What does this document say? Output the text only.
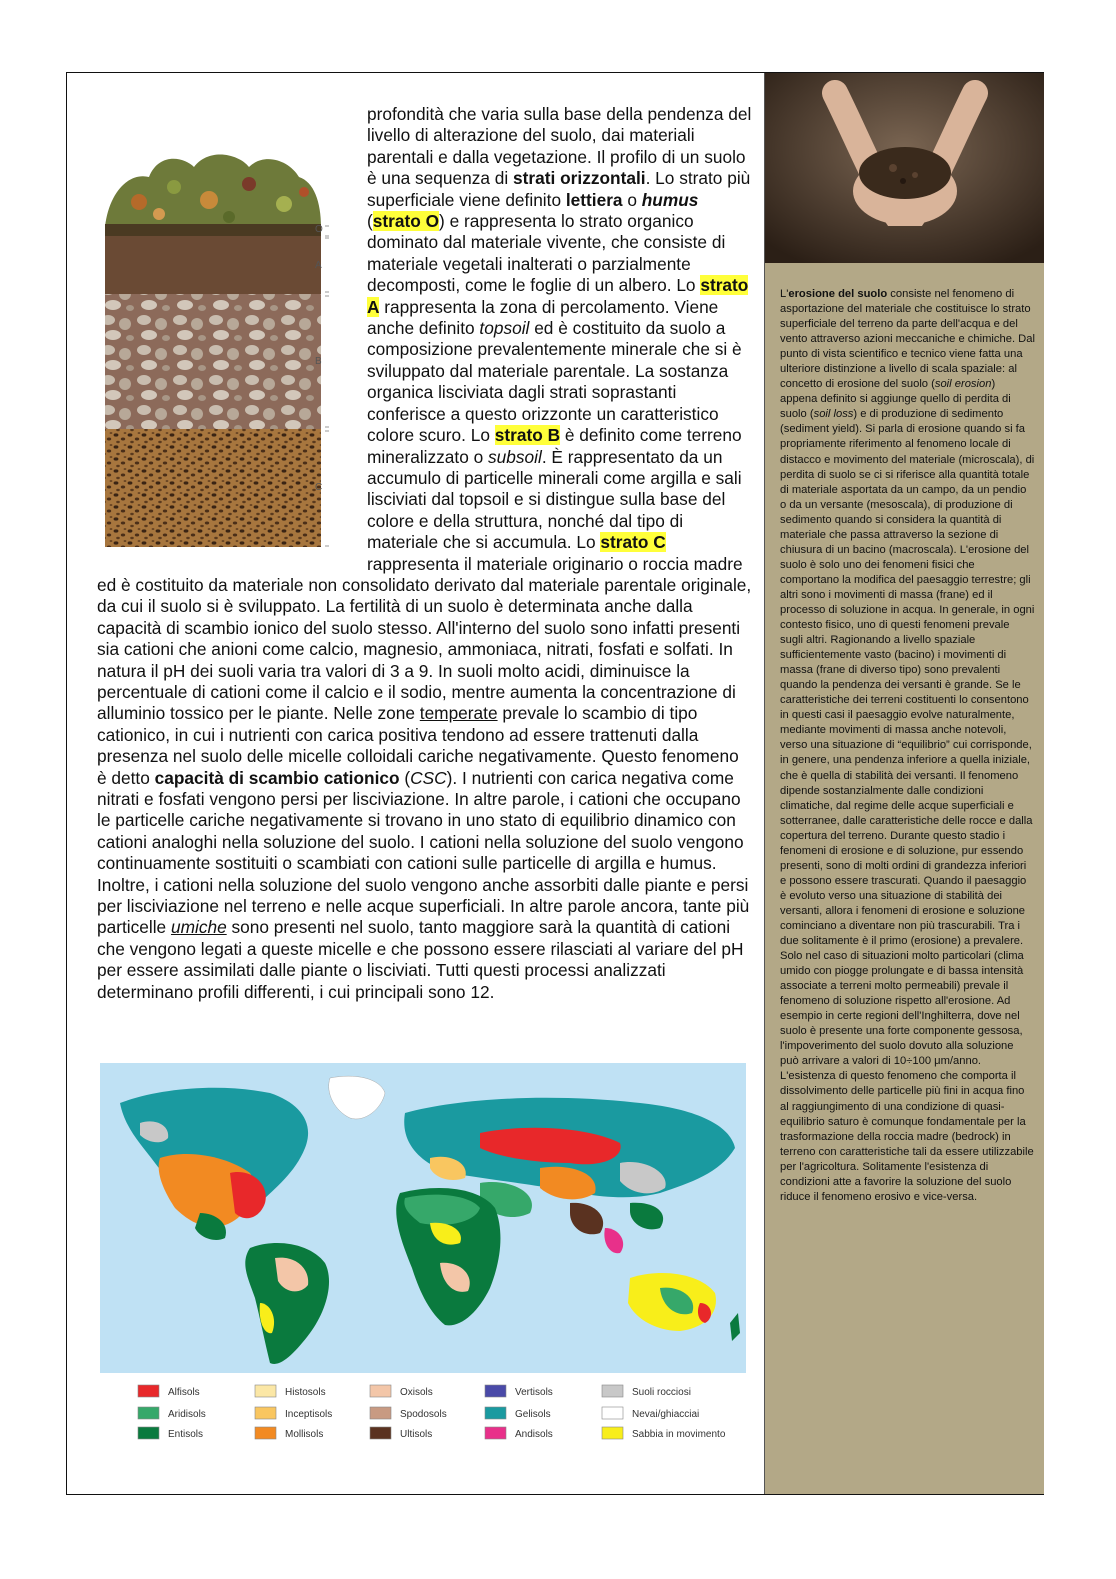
O
A
B
C
profondità che varia sulla base della pendenza del livello di alterazione del suolo, dai materiali parentali e dalla vegetazione. Il profilo di un suolo è una sequenza di strati orizzontali. Lo strato più superficiale viene definito lettiera o humus (strato O) e rappresenta lo strato organico dominato dal materiale vivente, che consiste di materiale vegetali inalterati o parzialmente decomposti, come le foglie di un albero. Lo strato A rappresenta la zona di percolamento. Viene anche definito topsoil ed è costituito da suolo a composizione prevalentemente minerale che si è sviluppato dal materiale parentale. La sostanza organica lisciviata dagli strati soprastanti conferisce a questo orizzonte un caratteristico colore scuro. Lo strato B è definito come terreno mineralizzato o subsoil. È rappresentato da un accumulo di particelle minerali come argilla e sali lisciviati dal topsoil e si distingue sulla base del colore e della struttura, nonché dal tipo di materiale che si accumula. Lo strato C rappresenta il materiale originario o roccia madre ed è costituito da materiale non consolidato derivato dal materiale parentale originale, da cui il suolo si è sviluppato. La fertilità di un suolo è determinata anche dalla capacità di scambio ionico del suolo stesso. All'interno del suolo sono infatti presenti sia cationi che anioni come calcio, magnesio, ammoniaca, nitrati, fosfati e solfati. In natura il pH dei suoli varia tra valori di 3 a 9. In suoli molto acidi, diminuisce la percentuale di cationi come il calcio e il sodio, mentre aumenta la concentrazione di alluminio tossico per le piante. Nelle zone temperate prevale lo scambio di tipo cationico, in cui i nutrienti con carica positiva tendono ad essere trattenuti dalla presenza nel suolo delle micelle colloidali cariche negativamente. Questo fenomeno è detto capacità di scambio cationico (CSC). I nutrienti con carica negativa come nitrati e fosfati vengono persi per lisciviazione. In altre parole, i cationi che occupano le particelle cariche negativamente si trovano in uno stato di equilibrio dinamico con cationi analoghi nella soluzione del suolo. I cationi nella soluzione del suolo vengono continuamente sostituiti o scambiati con cationi sulle particelle di argilla e humus. Inoltre, i cationi nella soluzione del suolo vengono anche assorbiti dalle piante e persi per lisciviazione nel terreno e nelle acque superficiali. In altre parole ancora, tante più particelle umiche sono presenti nel suolo, tanto maggiore sarà la quantità di cationi che vengono legati a queste micelle e che possono essere rilasciati al variare del pH per essere assimilati dalle piante o lisciviati. Tutti questi processi analizzati determinano profili differenti, i cui principali sono 12.

Alfisols	Histosols	Oxisols	Vertisols	Suoli rocciosi
Aridisols	Inceptisols	Spodosols	Gelisols	Nevai/ghiacciai
Entisols	Mollisols	Ultisols	Andisols	Sabbia in movimento
L'erosione del suolo consiste nel fenomeno di asportazione del materiale che costituisce lo strato superficiale del terreno da parte dell'acqua e del vento attraverso azioni meccaniche e chimiche. Dal punto di vista scientifico e tecnico viene fatta una ulteriore distinzione a livello di scala spaziale: al concetto di erosione del suolo (soil erosion) appena definito si aggiunge quello di perdita di suolo (soil loss) e di produzione di sedimento (sediment yield). Si parla di erosione quando si fa propriamente riferimento al fenomeno locale di distacco e movimento del materiale (microscala), di perdita di suolo se ci si riferisce alla quantità totale di materiale asportata da un campo, da un pendio o da un versante (mesoscala), di produzione di sedimento quando si considera la quantità di materiale che passa attraverso la sezione di chiusura di un bacino (macroscala). L'erosione del suolo è solo uno dei fenomeni fisici che comportano la modifica del paesaggio terrestre; gli altri sono i movimenti di massa (frane) ed il processo di soluzione in acqua. In generale, in ogni contesto fisico, uno di questi fenomeni prevale sugli altri. Ragionando a livello spaziale sufficientemente vasto (bacino) i movimenti di massa (frane di diverso tipo) sono prevalenti quando la pendenza dei versanti è grande. Se le caratteristiche dei terreni costituenti lo consentono in questi casi il paesaggio evolve naturalmente, mediante movimenti di massa anche notevoli, verso una situazione di “equilibrio” cui corrisponde, in genere, una pendenza inferiore a quella iniziale, che è quella di stabilità dei versanti. Il fenomeno dipende sostanzialmente dalle condizioni climatiche, dal regime delle acque superficiali e sotterranee, dalle caratteristiche delle rocce e dalla copertura del terreno. Durante questo stadio i fenomeni di erosione e di soluzione, pur essendo presenti, sono di molti ordini di grandezza inferiori e possono essere trascurati. Quando il paesaggio è evoluto verso una situazione di stabilità dei versanti, allora i fenomeni di erosione e soluzione cominciano a diventare non più trascurabili. Tra i due solitamente è il primo (erosione) a prevalere. Solo nel caso di situazioni molto particolari (clima umido con piogge prolungate e di bassa intensità associate a terreni molto permeabili) prevale il fenomeno di soluzione rispetto all'erosione. Ad esempio in certe regioni dell'Inghilterra, dove nel suolo è presente una forte componente gessosa, l'impoverimento del suolo dovuto alla soluzione può arrivare a valori di 10÷100 μm/anno. L'esistenza di questo fenomeno che comporta il dissolvimento delle particelle più fini in acqua fino al raggiungimento di una condizione di quasi-equilibrio saturo è comunque fondamentale per la trasformazione della roccia madre (bedrock) in terreno con caratteristiche tali da essere utilizzabile per l'agricoltura. Solitamente l'esistenza di condizioni atte a favorire la soluzione del suolo riduce il fenomeno erosivo e vice-versa.
